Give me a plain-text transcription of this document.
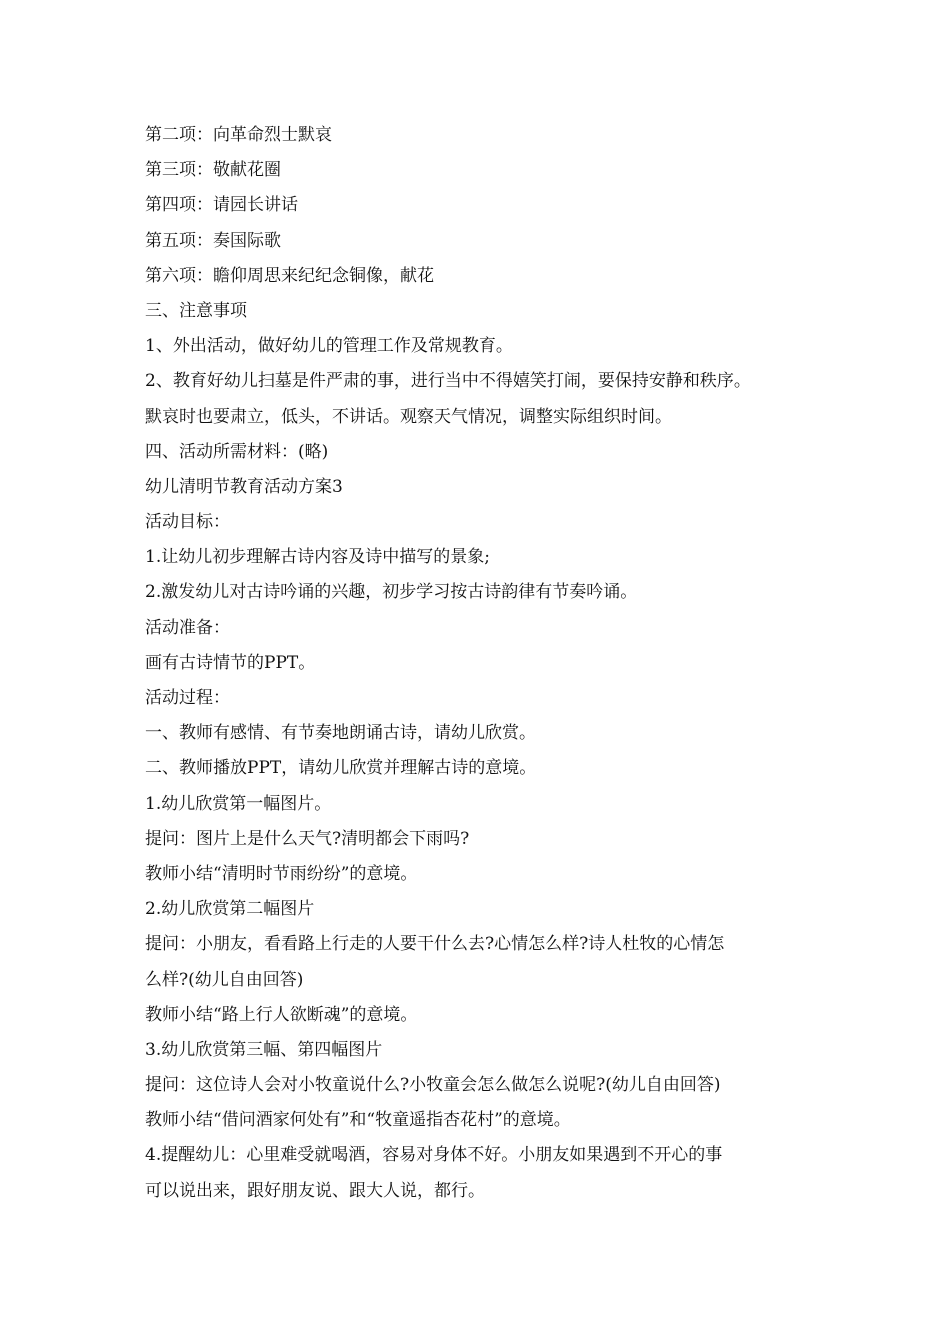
第二项：向革命烈士默哀

第三项：敬献花圈

第四项：请园长讲话

第五项：奏国际歌

第六项：瞻仰周思来纪纪念铜像，献花

三、注意事项

1、外出活动，做好幼儿的管理工作及常规教育。

2、教育好幼儿扫墓是件严肃的事，进行当中不得嬉笑打闹，要保持安静和秩序。

默哀时也要肃立，低头，不讲话。观察天气情况，调整实际组织时间。

四、活动所需材料：(略)

幼儿清明节教育活动方案3

活动目标：

1.让幼儿初步理解古诗内容及诗中描写的景象;

2.激发幼儿对古诗吟诵的兴趣，初步学习按古诗韵律有节奏吟诵。

活动准备：

画有古诗情节的PPT。

活动过程：

一、教师有感情、有节奏地朗诵古诗，请幼儿欣赏。

二、教师播放PPT，请幼儿欣赏并理解古诗的意境。

1.幼儿欣赏第一幅图片。

提问：图片上是什么天气?清明都会下雨吗?

教师小结“清明时节雨纷纷”的意境。

2.幼儿欣赏第二幅图片

提问：小朋友，看看路上行走的人要干什么去?心情怎么样?诗人杜牧的心情怎

么样?(幼儿自由回答)

教师小结“路上行人欲断魂”的意境。

3.幼儿欣赏第三幅、第四幅图片

提问：这位诗人会对小牧童说什么?小牧童会怎么做怎么说呢?(幼儿自由回答)

教师小结“借问酒家何处有”和“牧童遥指杏花村”的意境。

4.提醒幼儿：心里难受就喝酒，容易对身体不好。小朋友如果遇到不开心的事

可以说出来，跟好朋友说、跟大人说，都行。
